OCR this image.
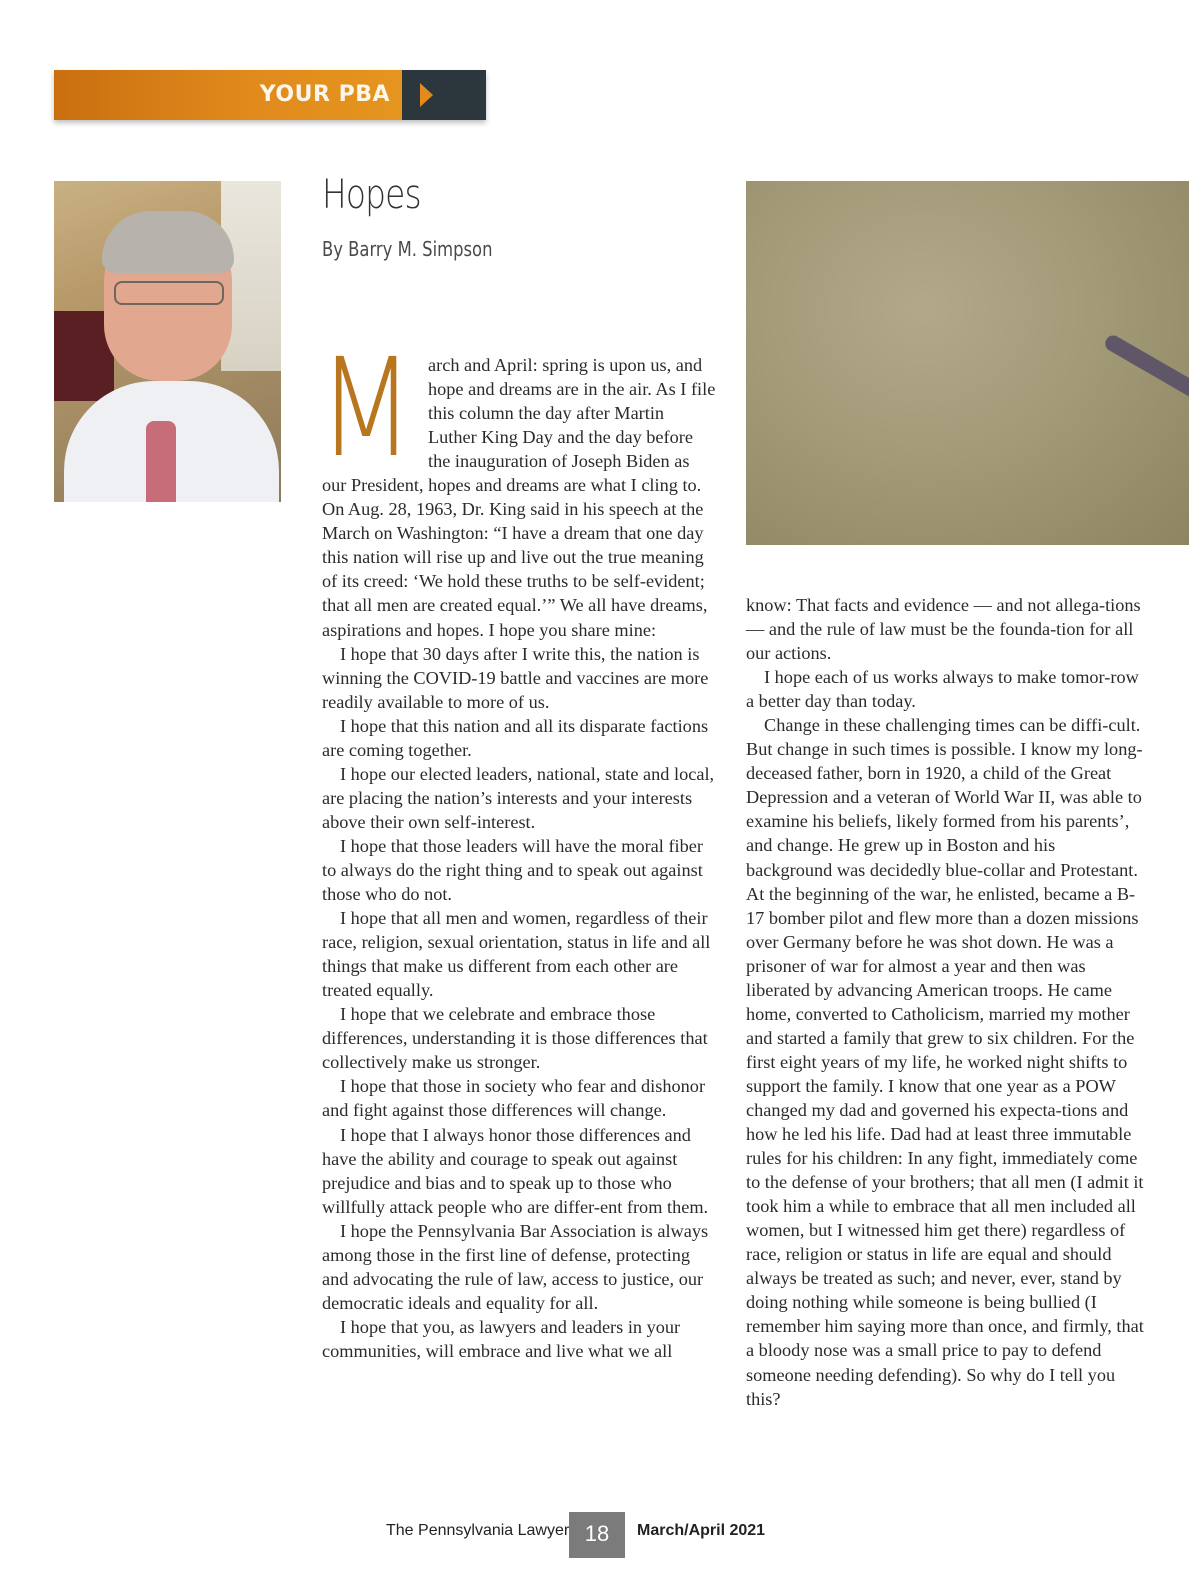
YOUR PBA
Hopes
By Barry M. Simpson

March and April: spring is upon us, and hope and dreams are in the air. As I file this column the day after Martin Luther King Day and the day before the inauguration of Joseph Biden as our President, hopes and dreams are what I cling to. On Aug. 28, 1963, Dr. King said in his speech at the March on Washington: “I have a dream that one day this nation will rise up and live out the true meaning of its creed: ‘We hold these truths to be self-evident; that all men are created equal.’” We all have dreams, aspirations and hopes. I hope you share mine:

I hope that 30 days after I write this, the nation is winning the COVID-19 battle and vaccines are more readily available to more of us.

I hope that this nation and all its disparate factions are coming together.

I hope our elected leaders, national, state and local, are placing the nation’s interests and your interests above their own self-interest.

I hope that those leaders will have the moral fiber to always do the right thing and to speak out against those who do not.

I hope that all men and women, regardless of their race, religion, sexual orientation, status in life and all things that make us different from each other are treated equally.

I hope that we celebrate and embrace those differences, understanding it is those differences that collectively make us stronger.

I hope that those in society who fear and dishonor and fight against those differences will change.

I hope that I always honor those differences and have the ability and courage to speak out against prejudice and bias and to speak up to those who willfully attack people who are differ-ent from them.

I hope the Pennsylvania Bar Association is always among those in the first line of defense, protecting and advocating the rule of law, access to justice, our democratic ideals and equality for all.

I hope that you, as lawyers and leaders in your communities, will embrace and live what we all

know: That facts and evidence — and not allega-tions — and the rule of law must be the founda-tion for all our actions.

I hope each of us works always to make tomor-row a better day than today.

Change in these challenging times can be diffi-cult. But change in such times is possible. I know my long-deceased father, born in 1920, a child of the Great Depression and a veteran of World War II, was able to examine his beliefs, likely formed from his parents’, and change. He grew up in Boston and his background was decidedly blue-collar and Protestant. At the beginning of the war, he enlisted, became a B-17 bomber pilot and flew more than a dozen missions over Germany before he was shot down. He was a prisoner of war for almost a year and then was liberated by advancing American troops. He came home, converted to Catholicism, married my mother and started a family that grew to six children. For the first eight years of my life, he worked night shifts to support the family. I know that one year as a POW changed my dad and governed his expecta-tions and how he led his life. Dad had at least three immutable rules for his children: In any fight, immediately come to the defense of your brothers; that all men (I admit it took him a while to embrace that all men included all women, but I witnessed him get there) regardless of race, religion or status in life are equal and should always be treated as such; and never, ever, stand by doing nothing while someone is being bullied (I remember him saying more than once, and firmly, that a bloody nose was a small price to pay to defend someone needing defending). So why do I tell you this?

The Pennsylvania Lawyer 18	March/April 2021
